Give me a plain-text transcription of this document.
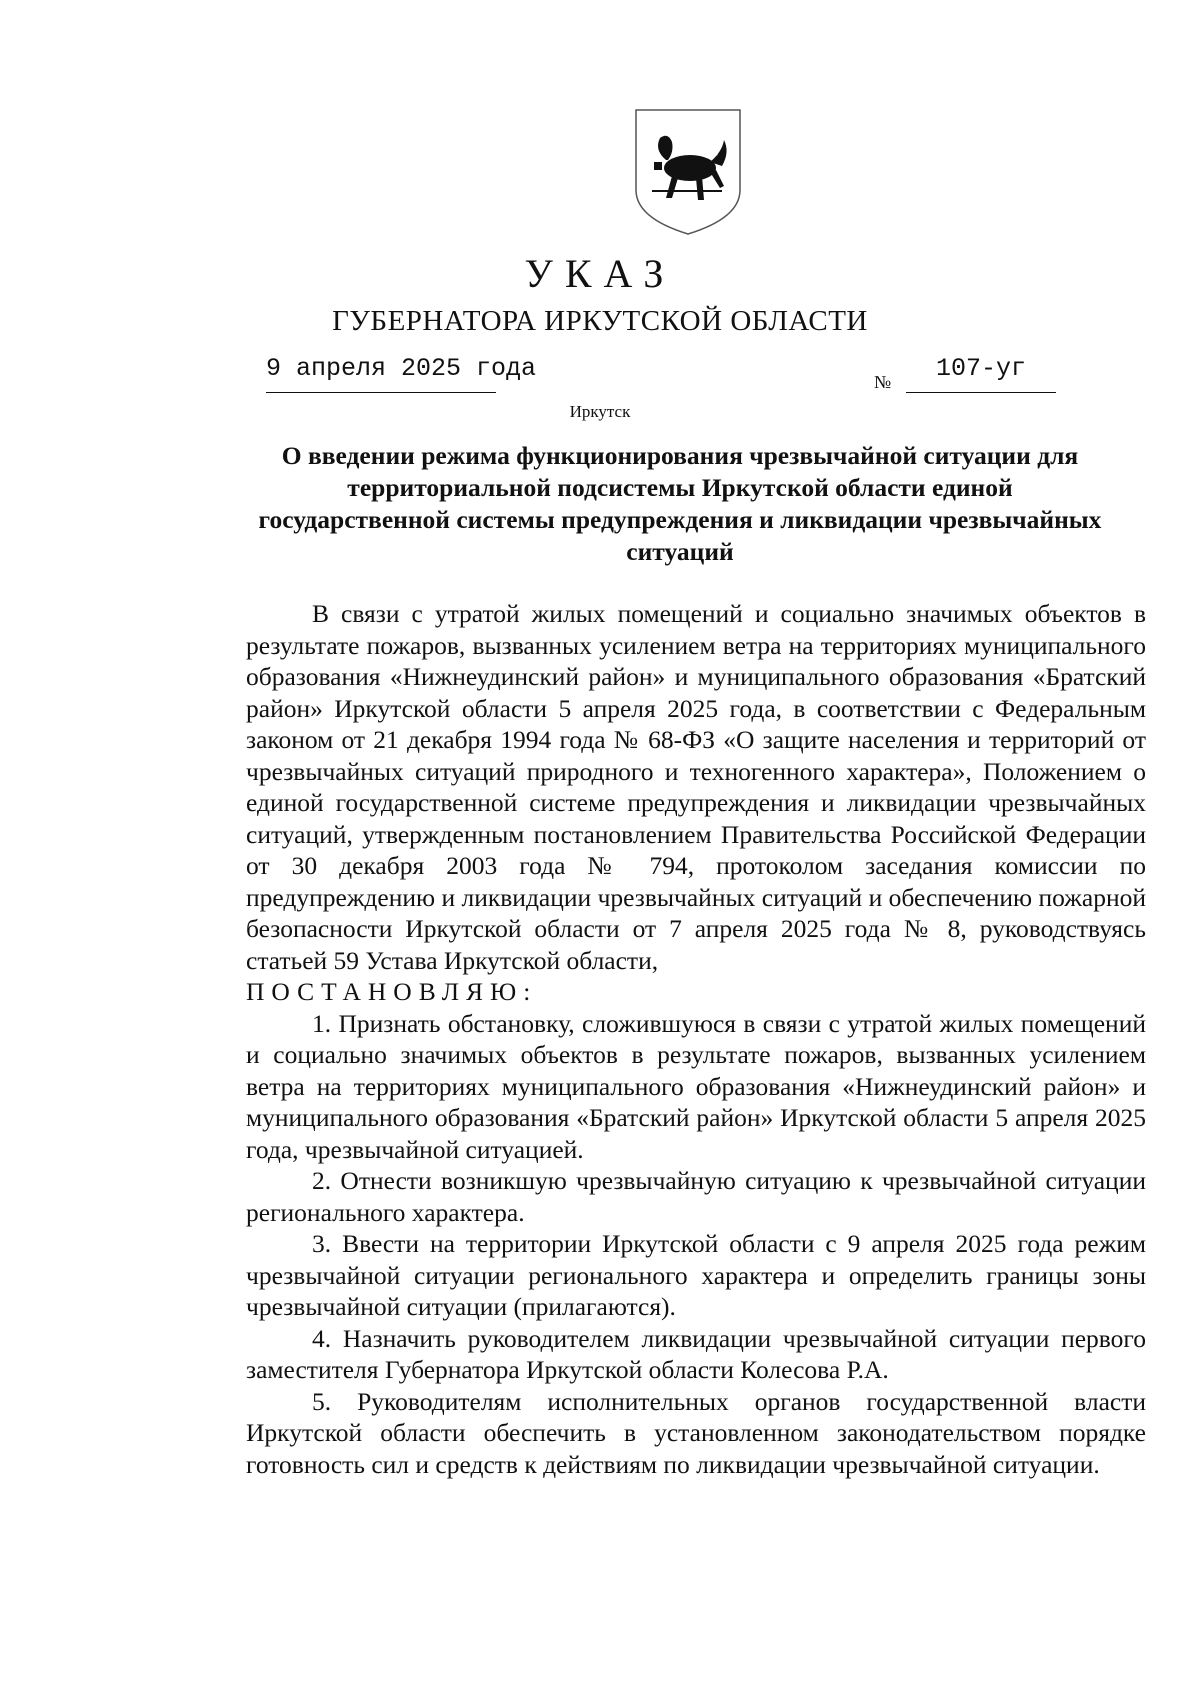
УКАЗ
ГУБЕРНАТОРА ИРКУТСКОЙ ОБЛАСТИ
9 апреля 2025 года	№ 107-уг
Иркутск
О введении режима функционирования чрезвычайной ситуации для территориальной подсистемы Иркутской области единой государственной системы предупреждения и ликвидации чрезвычайных ситуаций

В связи с утратой жилых помещений и социально значимых объектов в результате пожаров, вызванных усилением ветра на территориях муниципального образования «Нижнеудинский район» и муниципального образования «Братский район» Иркутской области 5 апреля 2025 года, в соответствии с Федеральным законом от 21 декабря 1994 года № 68-ФЗ «О защите населения и территорий от чрезвычайных ситуаций природного и техногенного характера», Положением о единой государственной системе предупреждения и ликвидации чрезвычайных ситуаций, утвержденным постановлением Правительства Российской Федерации от 30 декабря 2003 года № 794, протоколом заседания комиссии по предупреждению и ликвидации чрезвычайных ситуаций и обеспечению пожарной безопасности Иркутской области от 7 апреля 2025 года № 8, руководствуясь статьей 59 Устава Иркутской области,

ПОСТАНОВЛЯЮ:

1. Признать обстановку, сложившуюся в связи с утратой жилых помещений и социально значимых объектов в результате пожаров, вызванных усилением ветра на территориях муниципального образования «Нижнеудинский район» и муниципального образования «Братский район» Иркутской области 5 апреля 2025 года, чрезвычайной ситуацией.

2. Отнести возникшую чрезвычайную ситуацию к чрезвычайной ситуации регионального характера.

3. Ввести на территории Иркутской области с 9 апреля 2025 года режим чрезвычайной ситуации регионального характера и определить границы зоны чрезвычайной ситуации (прилагаются).

4. Назначить руководителем ликвидации чрезвычайной ситуации первого заместителя Губернатора Иркутской области Колесова Р.А.

5. Руководителям исполнительных органов государственной власти Иркутской области обеспечить в установленном законодательством порядке готовность сил и средств к действиям по ликвидации чрезвычайной ситуации.
